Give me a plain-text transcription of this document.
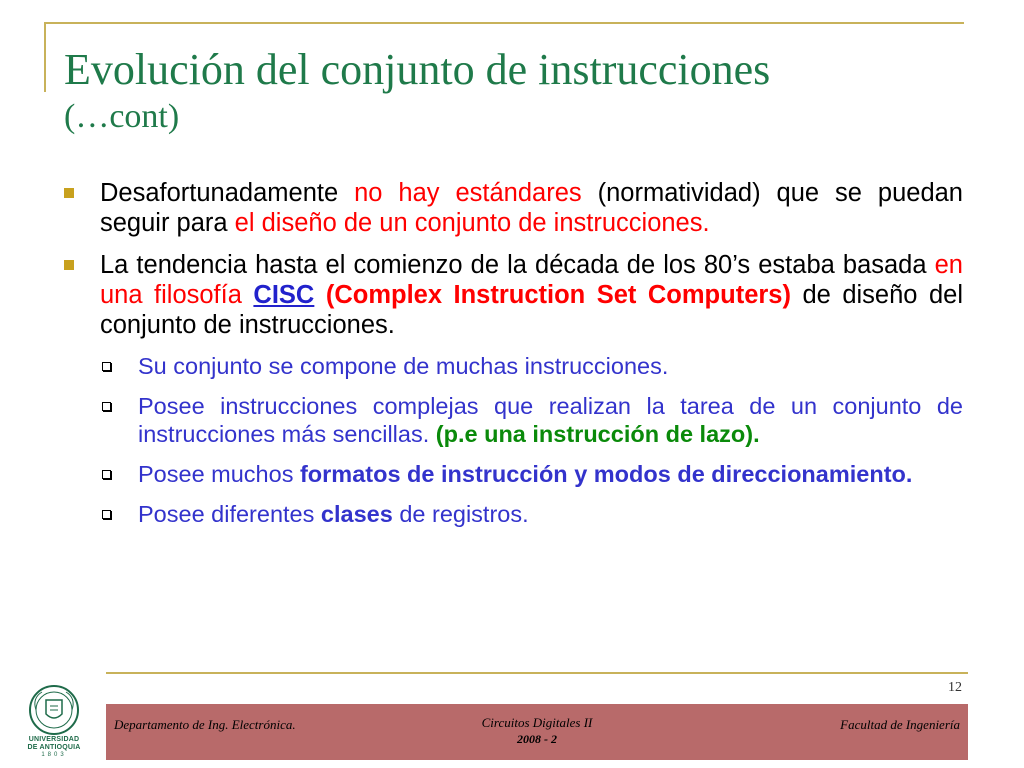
Evolución del conjunto de instrucciones
(…cont)
Desafortunadamente no hay estándares (normatividad) que se puedan seguir para el diseño de un conjunto de instrucciones.
La tendencia hasta el comienzo de la década de los 80’s estaba basada en una filosofía CISC (Complex Instruction Set Computers) de diseño del conjunto de instrucciones.
Su conjunto se compone de muchas instrucciones.
Posee instrucciones complejas que realizan la tarea de un conjunto de instrucciones más sencillas. (p.e una instrucción de lazo).
Posee muchos formatos de instrucción y modos de direccionamiento.
Posee diferentes clases de registros.
12
UNIVERSIDAD
DE ANTIOQUIA
1803
Departamento de Ing. Electrónica.	Circuitos Digitales II
2008 - 2
Facultad de Ingeniería
